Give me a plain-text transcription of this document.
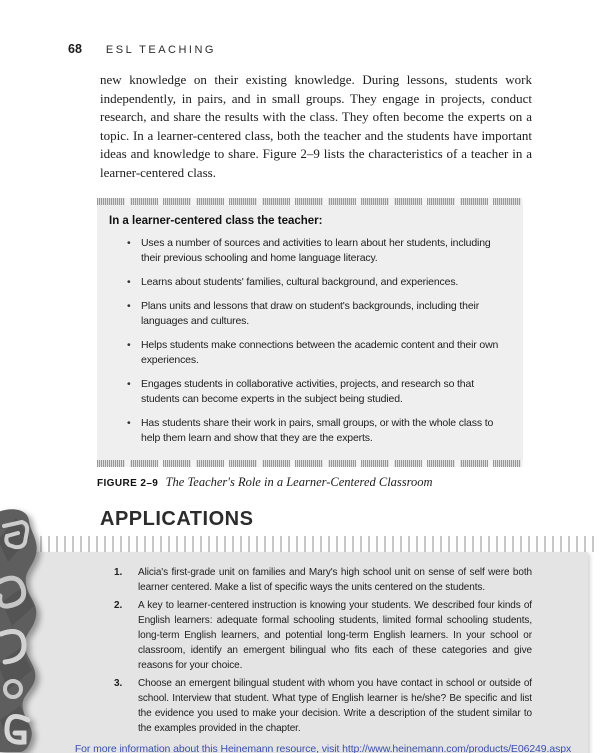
68 ESL TEACHING

new knowledge on their existing knowledge. During lessons, students work independently, in pairs, and in small groups. They engage in projects, conduct research, and share the results with the class. They often become the experts on a topic. In a learner-centered class, both the teacher and the students have important ideas and knowledge to share. Figure 2–9 lists the characteristics of a teacher in a learner-centered class.

In a learner-centered class the teacher:
• Uses a number of sources and activities to learn about her students, including their previous schooling and home language literacy.
• Learns about students' families, cultural background, and experiences.
• Plans units and lessons that draw on student's backgrounds, including their languages and cultures.
• Helps students make connections between the academic content and their own experiences.
• Engages students in collaborative activities, projects, and research so that students can become experts in the subject being studied.
• Has students share their work in pairs, small groups, or with the whole class to help them learn and show that they are the experts.

FIGURE 2–9 The Teacher's Role in a Learner-Centered Classroom

APPLICATIONS
1.	Alicia's first-grade unit on families and Mary's high school unit on sense of self were both learner centered. Make a list of specific ways the units centered on the students.
2.	A key to learner-centered instruction is knowing your students. We described four kinds of English learners: adequate formal schooling students, limited formal schooling students, long-term English learners, and potential long-term English learners. In your school or classroom, identify an emergent bilingual who fits each of these categories and give reasons for your choice.
3.	Choose an emergent bilingual student with whom you have contact in school or outside of school. Interview that student. What type of English learner is he/she? Be specific and list the evidence you used to make your decision. Write a description of the student similar to the examples provided in the chapter.
For more information about this Heinemann resource, visit http://www.heinemann.com/products/E06249.aspx
